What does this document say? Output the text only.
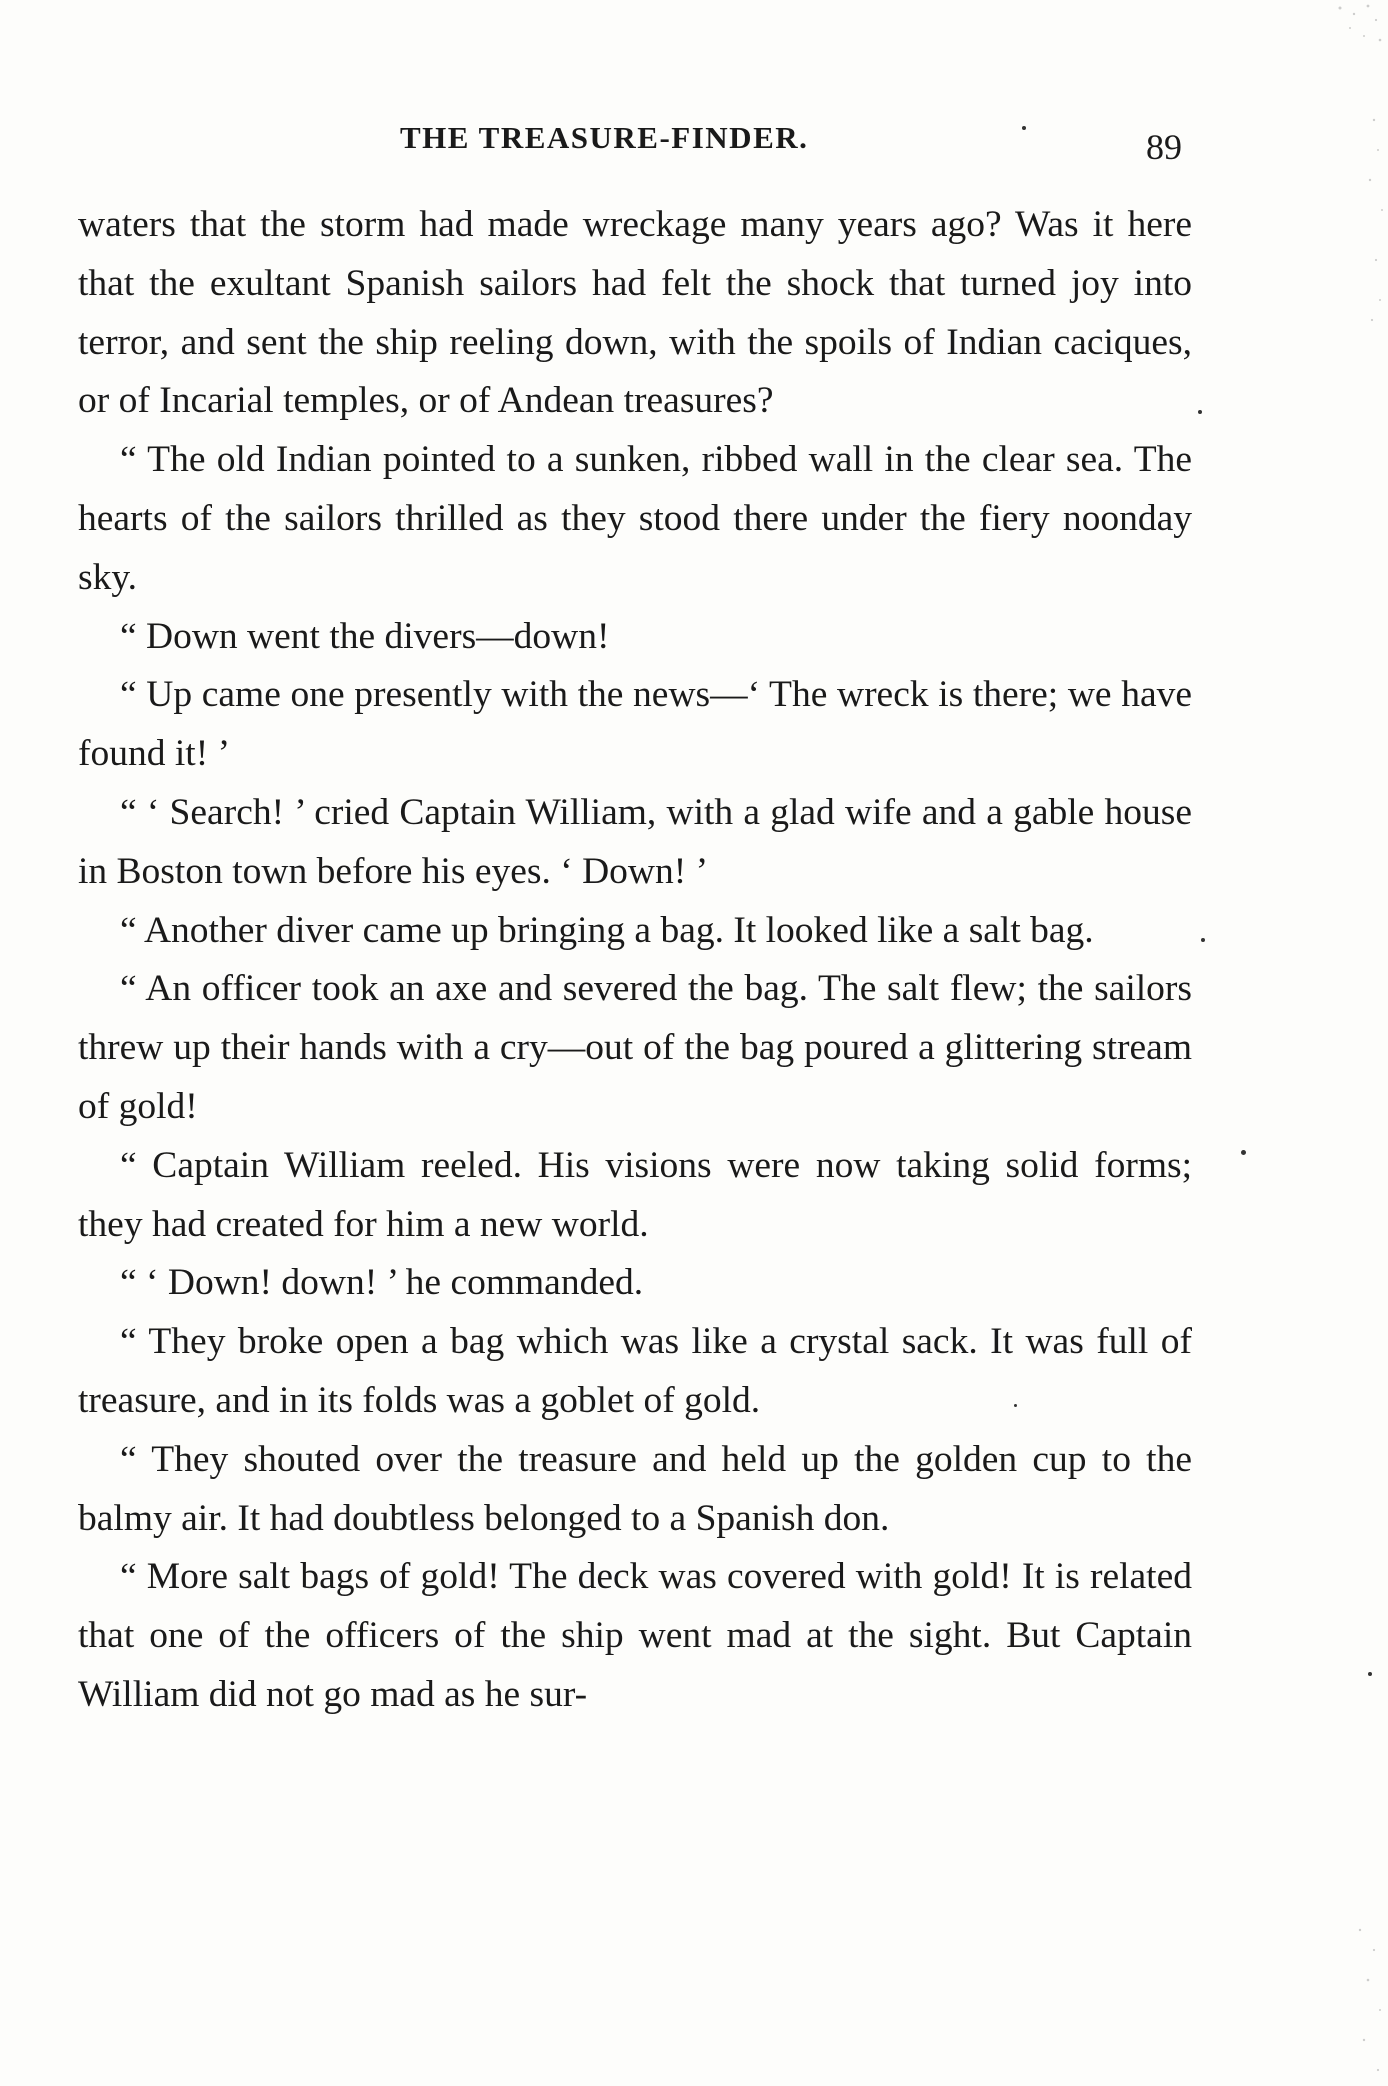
THE TREASURE-FINDER.	89

waters that the storm had made wreckage many years ago? Was it here that the exultant Spanish sailors had felt the shock that turned joy into terror, and sent the ship reeling down, with the spoils of Indian caciques, or of Incarial temples, or of Andean treasures?

“ The old Indian pointed to a sunken, ribbed wall in the clear sea. The hearts of the sailors thrilled as they stood there under the fiery noonday sky.

“ Down went the divers—down!

“ Up came one presently with the news—‘ The wreck is there; we have found it! ’

“ ‘ Search! ’ cried Captain William, with a glad wife and a gable house in Boston town before his eyes. ‘ Down! ’

“ Another diver came up bringing a bag. It looked like a salt bag.

“ An officer took an axe and severed the bag. The salt flew; the sailors threw up their hands with a cry—out of the bag poured a glittering stream of gold!

“ Captain William reeled. His visions were now taking solid forms; they had created for him a new world.

“ ‘ Down! down! ’ he commanded.

“ They broke open a bag which was like a crystal sack. It was full of treasure, and in its folds was a goblet of gold.

“ They shouted over the treasure and held up the golden cup to the balmy air. It had doubtless belonged to a Spanish don.

“ More salt bags of gold! The deck was covered with gold! It is related that one of the officers of the ship went mad at the sight. But Captain William did not go mad as he sur-
